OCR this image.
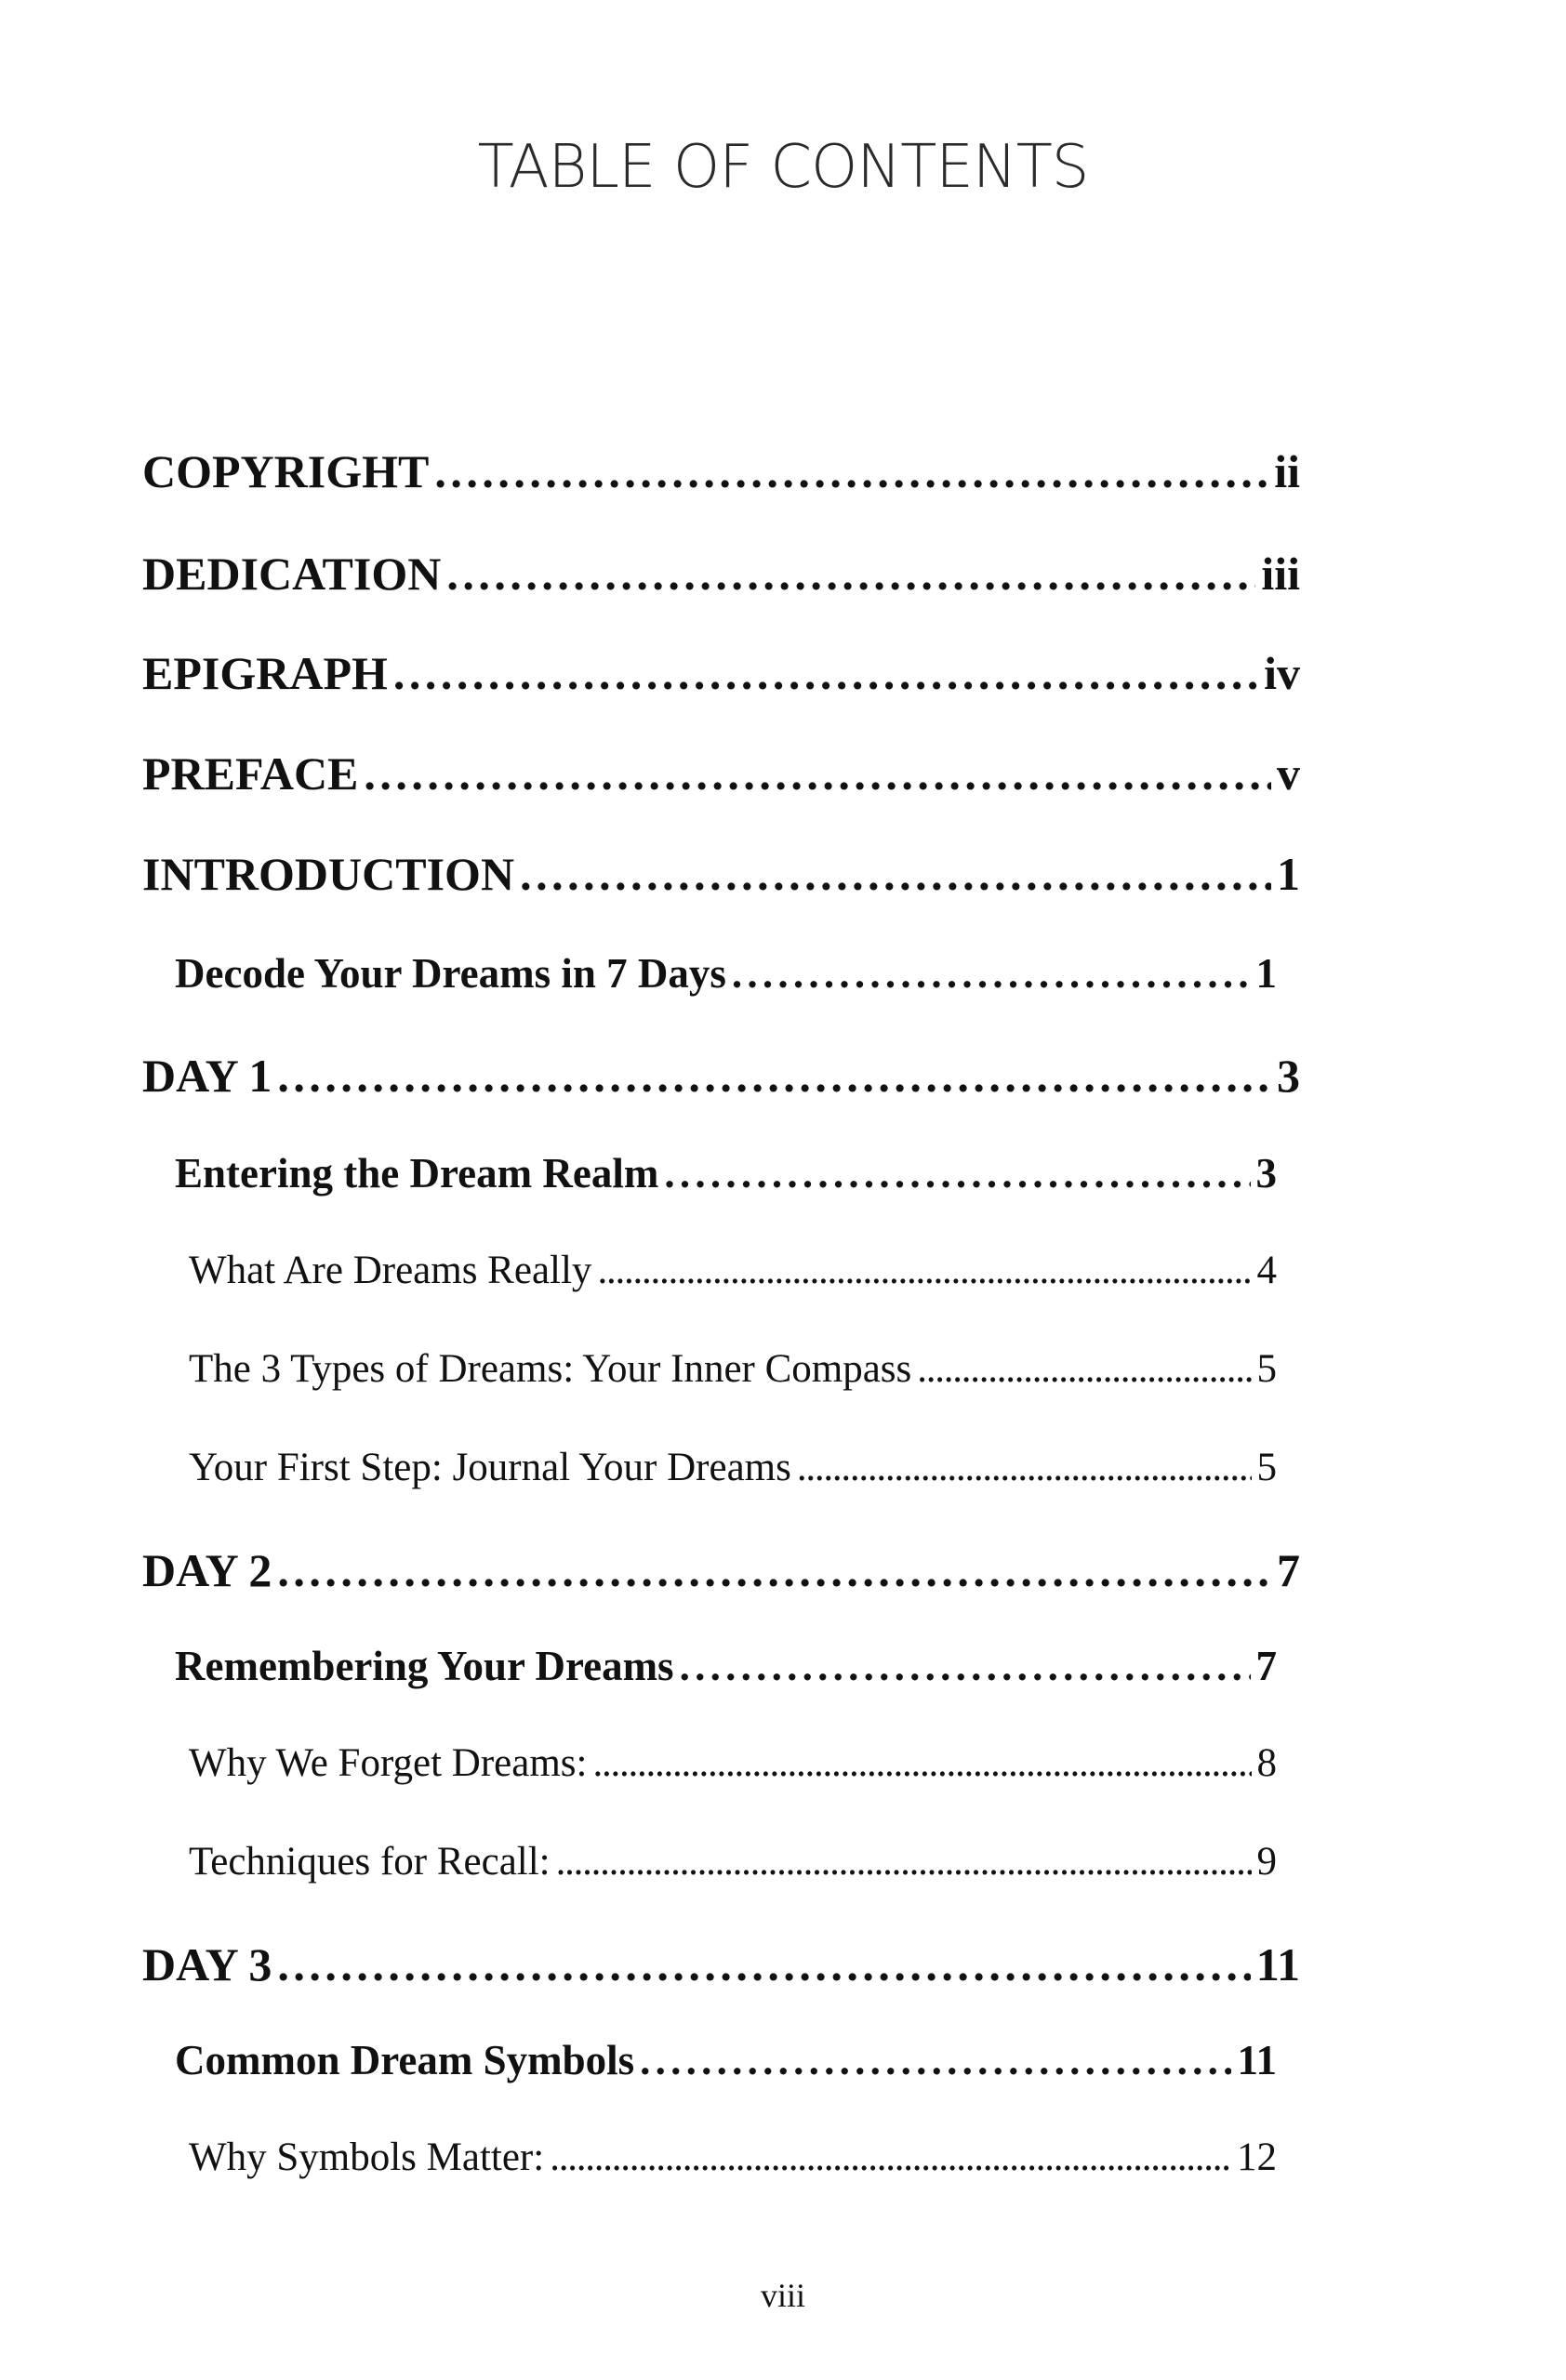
TABLE OF CONTENTS
COPYRIGHT . . .	ii
DEDICATION . . .	iii
EPIGRAPH . . .	iv
PREFACE . . .	v
INTRODUCTION . . .	1
Decode Your Dreams in 7 Days . . .	1
DAY 1 . . .	3
Entering the Dream Realm . . .	3
What Are Dreams Really . . .	4
The 3 Types of Dreams: Your Inner Compass . . .	5
Your First Step: Journal Your Dreams . . .	5
DAY 2 . . .	7
Remembering Your Dreams . . .	7
Why We Forget Dreams: . . .	8
Techniques for Recall: . . .	9
DAY 3 . . .	11
Common Dream Symbols . . .	11
Why Symbols Matter: . . .	12
viii
